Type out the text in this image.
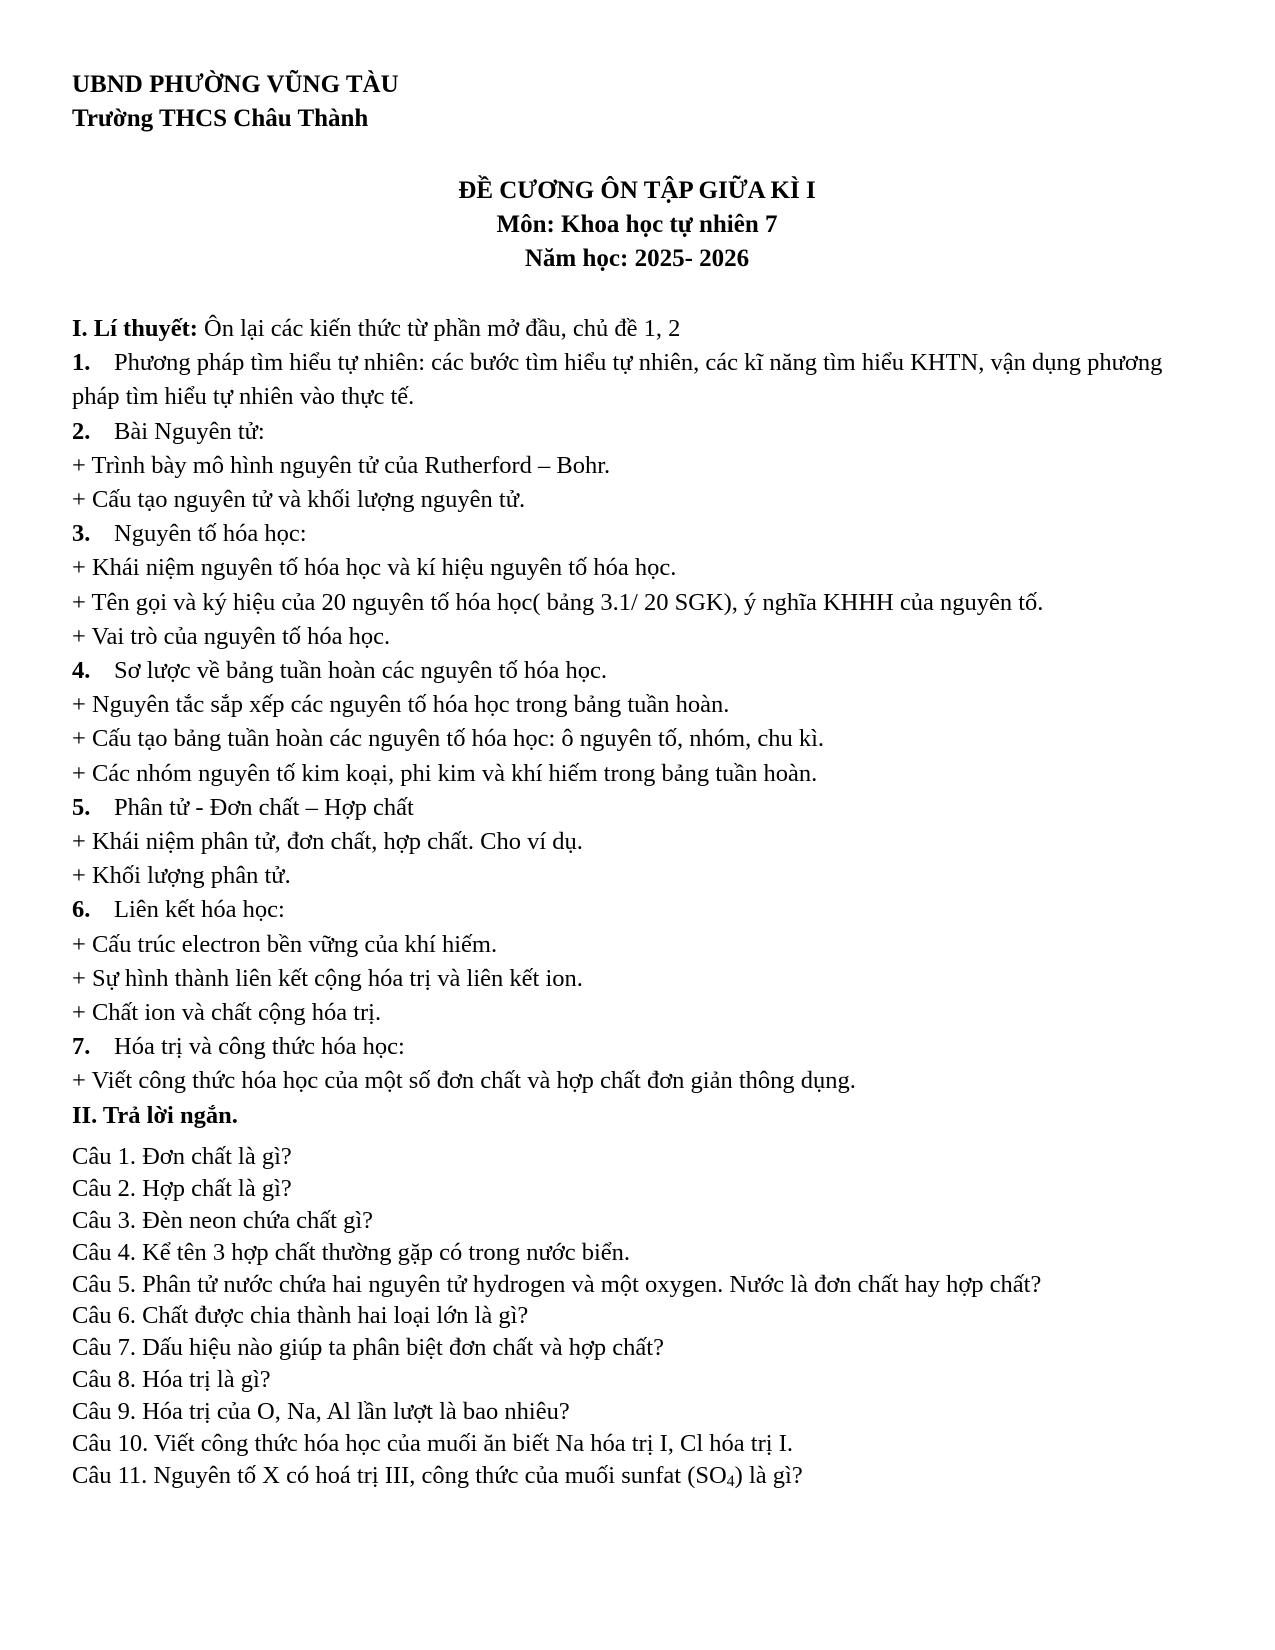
UBND PHƯỜNG VŨNG TÀU
Trường THCS Châu Thành
ĐỀ CƯƠNG ÔN TẬP GIỮA KÌ I
Môn: Khoa học tự nhiên 7
Năm học: 2025- 2026
I. Lí thuyết: Ôn lại các kiến thức từ phần mở đầu, chủ đề 1, 2
1. Phương pháp tìm hiểu tự nhiên: các bước tìm hiểu tự nhiên, các kĩ năng tìm hiểu KHTN, vận dụng phương pháp tìm hiểu tự nhiên vào thực tế.
2. Bài Nguyên tử:
+ Trình bày mô hình nguyên tử của Rutherford – Bohr.
+ Cấu tạo nguyên tử và khối lượng nguyên tử.
3. Nguyên tố hóa học:
+ Khái niệm nguyên tố hóa học và kí hiệu nguyên tố hóa học.
+ Tên gọi và ký hiệu của 20 nguyên tố hóa học( bảng 3.1/ 20 SGK), ý nghĩa KHHH của nguyên tố.
+ Vai trò của nguyên tố hóa học.
4. Sơ lược về bảng tuần hoàn các nguyên tố hóa học.
+ Nguyên tắc sắp xếp các nguyên tố hóa học trong bảng tuần hoàn.
+ Cấu tạo bảng tuần hoàn các nguyên tố hóa học: ô nguyên tố, nhóm, chu kì.
+ Các nhóm nguyên tố kim koại, phi kim và khí hiếm trong bảng tuần hoàn.
5. Phân tử - Đơn chất – Hợp chất
+ Khái niệm phân tử, đơn chất, hợp chất. Cho ví dụ.
+ Khối lượng phân tử.
6. Liên kết hóa học:
+ Cấu trúc electron bền vững của khí hiếm.
+ Sự hình thành liên kết cộng hóa trị và liên kết ion.
+ Chất ion và chất cộng hóa trị.
7. Hóa trị và công thức hóa học:
+ Viết công thức hóa học của một số đơn chất và hợp chất đơn giản thông dụng.
II. Trả lời ngắn.
Câu 1. Đơn chất là gì?
Câu 2. Hợp chất là gì?
Câu 3. Đèn neon chứa chất gì?
Câu 4. Kể tên 3 hợp chất thường gặp có trong nước biển.
Câu 5. Phân tử nước chứa hai nguyên tử hydrogen và một oxygen. Nước là đơn chất hay hợp chất?
Câu 6. Chất được chia thành hai loại lớn là gì?
Câu 7. Dấu hiệu nào giúp ta phân biệt đơn chất và hợp chất?
Câu 8. Hóa trị là gì?
Câu 9. Hóa trị của O, Na, Al lần lượt là bao nhiêu?
Câu 10. Viết công thức hóa học của muối ăn biết Na hóa trị I, Cl hóa trị I.
Câu 11. Nguyên tố X có hoá trị III, công thức của muối sunfat $(SO_4)$ là gì?
